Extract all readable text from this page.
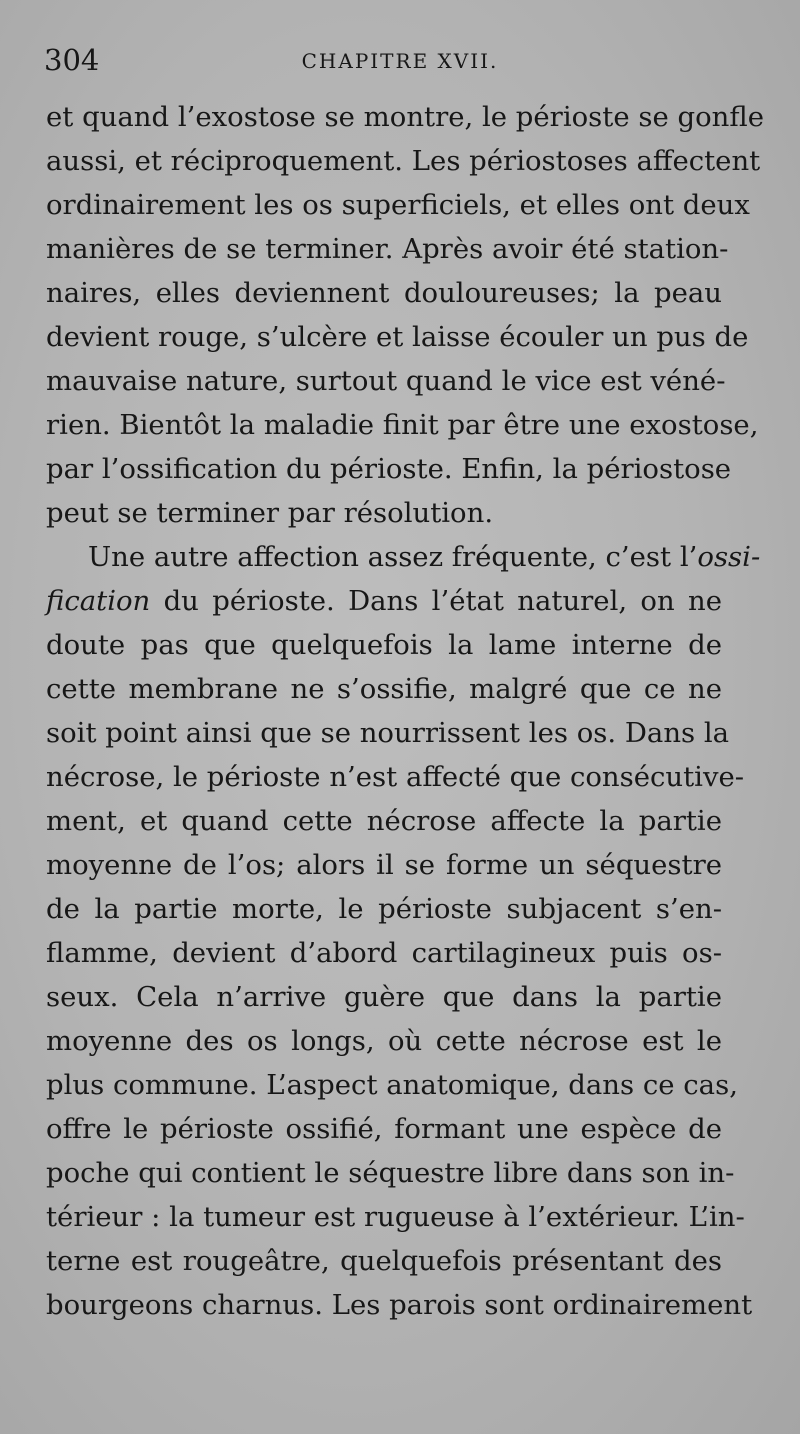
304	CHAPITRE XVII.
et quand l’exostose se montre, le périoste se gonfle
aussi, et réciproquement. Les périostoses affectent
ordinairement les os superficiels, et elles ont deux
manières de se terminer. Après avoir été station-
naires, elles deviennent douloureuses; la peau
devient rouge, s’ulcère et laisse écouler un pus de
mauvaise nature, surtout quand le vice est véné-
rien. Bientôt la maladie finit par être une exostose,
par l’ossification du périoste. Enfin, la périostose
peut se terminer par résolution.
Une autre affection assez fréquente, c’est l’ossi-
fication du périoste. Dans l’état naturel, on ne
doute pas que quelquefois la lame interne de
cette membrane ne s’ossifie, malgré que ce ne
soit point ainsi que se nourrissent les os. Dans la
nécrose, le périoste n’est affecté que consécutive-
ment, et quand cette nécrose affecte la partie
moyenne de l’os; alors il se forme un séquestre
de la partie morte, le périoste subjacent s’en-
flamme, devient d’abord cartilagineux puis os-
seux. Cela n’arrive guère que dans la partie
moyenne des os longs, où cette nécrose est le
plus commune. L’aspect anatomique, dans ce cas,
offre le périoste ossifié, formant une espèce de
poche qui contient le séquestre libre dans son in-
térieur : la tumeur est rugueuse à l’extérieur. L’in-
terne est rougeâtre, quelquefois présentant des
bourgeons charnus. Les parois sont ordinairement
